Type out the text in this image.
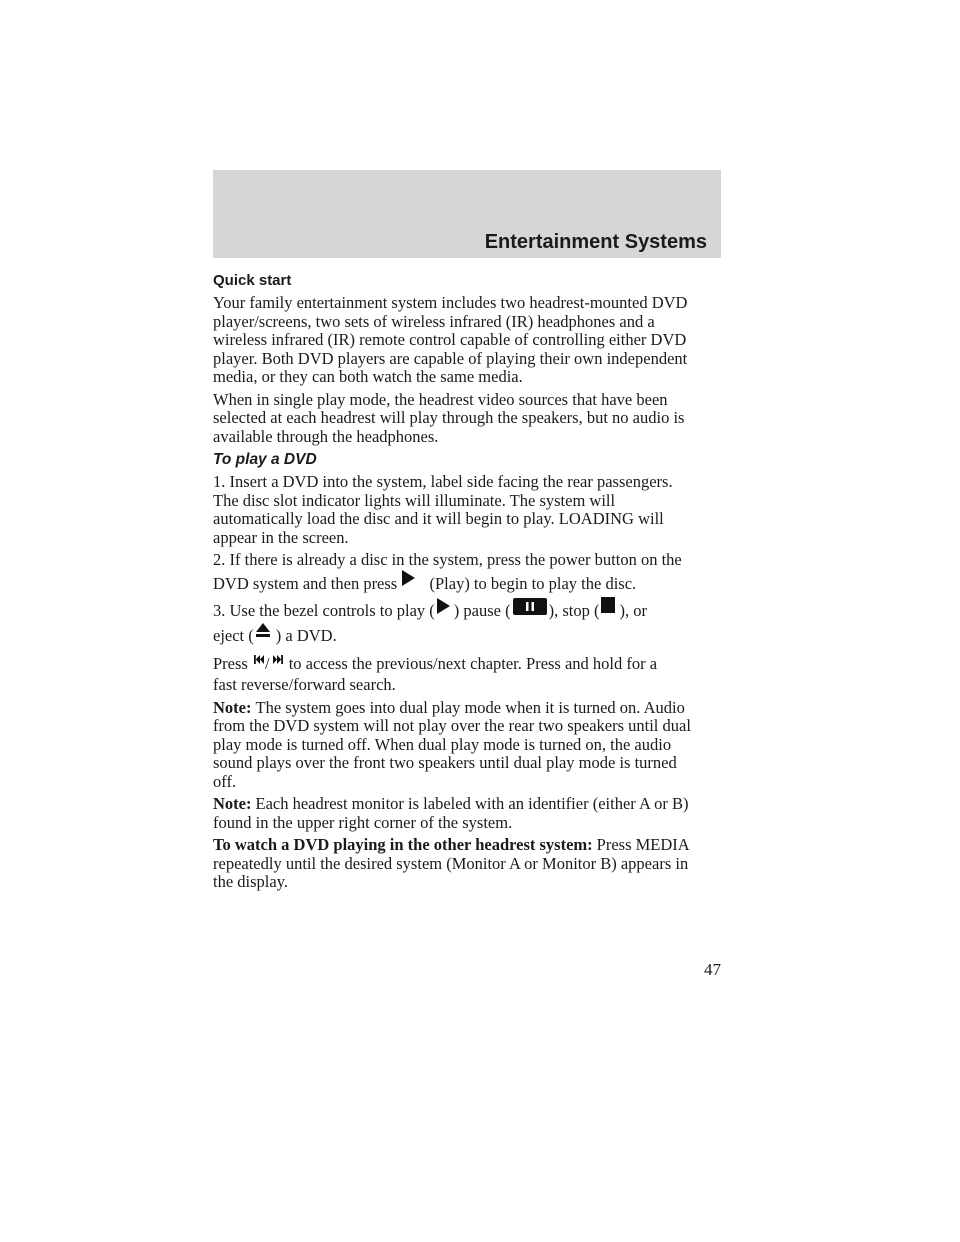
Entertainment Systems
Quick start
Your family entertainment system includes two headrest-mounted DVD
player/screens, two sets of wireless infrared (IR) headphones and a
wireless infrared (IR) remote control capable of controlling either DVD
player. Both DVD players are capable of playing their own independent
media, or they can both watch the same media.
When in single play mode, the headrest video sources that have been
selected at each headrest will play through the speakers, but no audio is
available through the headphones.
To play a DVD
1. Insert a DVD into the system, label side facing the rear passengers.
The disc slot indicator lights will illuminate. The system will
automatically load the disc and it will begin to play. LOADING will
appear in the screen.
2. If there is already a disc in the system, press the power button on the
DVD system and then press (Play) to begin to play the disc.
3. Use the bezel controls to play ( ) pause ( ), stop ( ), or
eject ( ) a DVD.
Press / to access the previous/next chapter. Press and hold for a
fast reverse/forward search.
Note: The system goes into dual play mode when it is turned on. Audio
from the DVD system will not play over the rear two speakers until dual
play mode is turned off. When dual play mode is turned on, the audio
sound plays over the front two speakers until dual play mode is turned
off.
Note: Each headrest monitor is labeled with an identifier (either A or B)
found in the upper right corner of the system.
To watch a DVD playing in the other headrest system: Press MEDIA
repeatedly until the desired system (Monitor A or Monitor B) appears in
the display.
47
